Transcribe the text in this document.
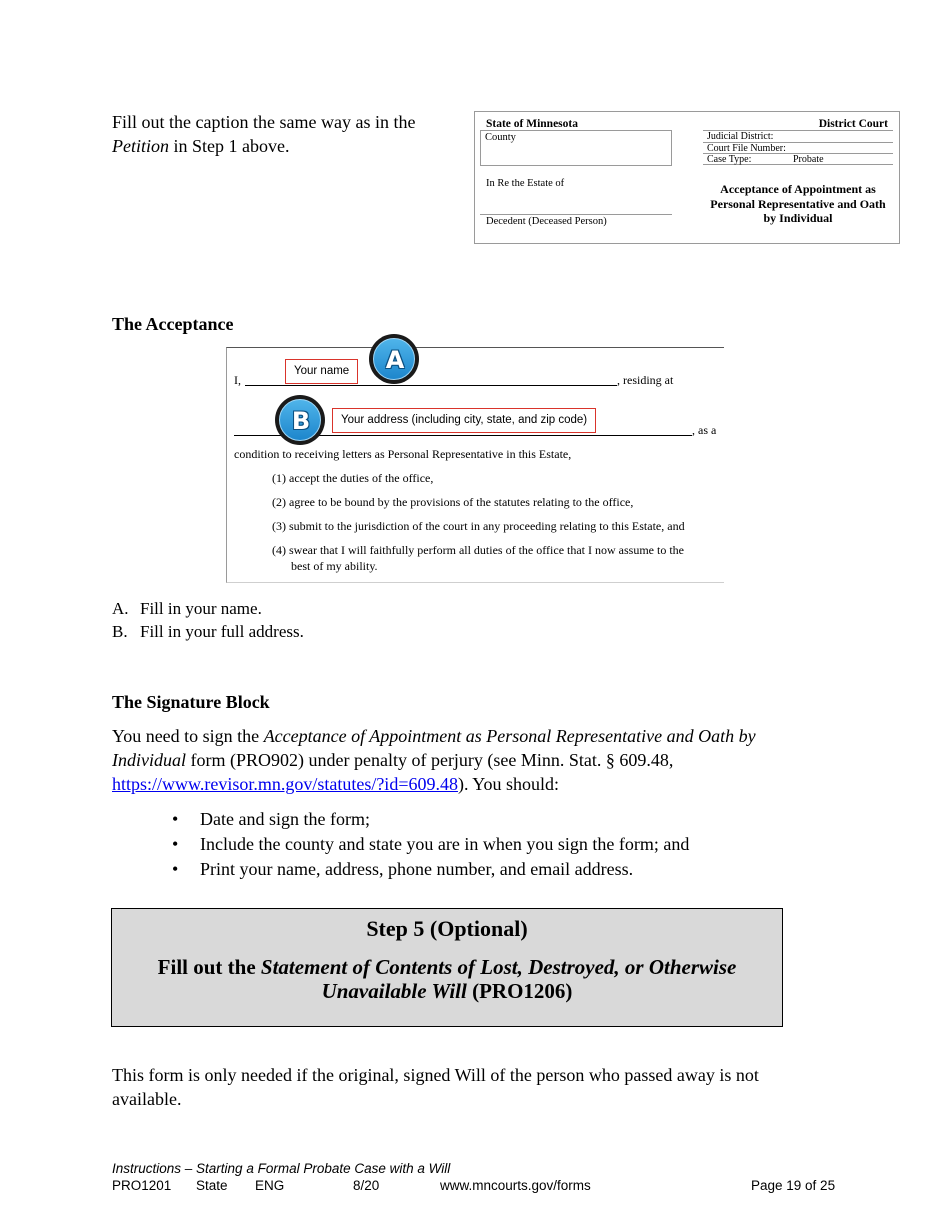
Fill out the caption the same way as in the Petition in Step 1 above.
State of Minnesota	District Court
County	Judicial District:
Court File Number:
Case Type:	Probate
In Re the Estate of
Decedent (Deceased Person)
Acceptance of Appointment as Personal Representative and Oath by Individual
The Acceptance
I,	, residing at
Your name	A
, as a
Your address (including city, state, and zip code)
B
condition to receiving letters as Personal Representative in this Estate,
(1) accept the duties of the office,
(2) agree to be bound by the provisions of the statutes relating to the office,
(3) submit to the jurisdiction of the court in any proceeding relating to this Estate, and
(4) swear that I will faithfully perform all duties of the office that I now assume to the
best of my ability.
A. Fill in your name.
B. Fill in your full address.
The Signature Block
You need to sign the Acceptance of Appointment as Personal Representative and Oath by Individual form (PRO902) under penalty of perjury (see Minn. Stat. § 609.48, https://www.revisor.mn.gov/statutes/?id=609.48). You should:
•	Date and sign the form;
•	Include the county and state you are in when you sign the form; and
•	Print your name, address, phone number, and email address.
Step 5 (Optional)
Fill out the Statement of Contents of Lost, Destroyed, or Otherwise Unavailable Will (PRO1206)
This form is only needed if the original, signed Will of the person who passed away is not available.
Instructions – Starting a Formal Probate Case with a Will
PRO1201 State ENG	8/20	www.mncourts.gov/forms	Page 19 of 25
